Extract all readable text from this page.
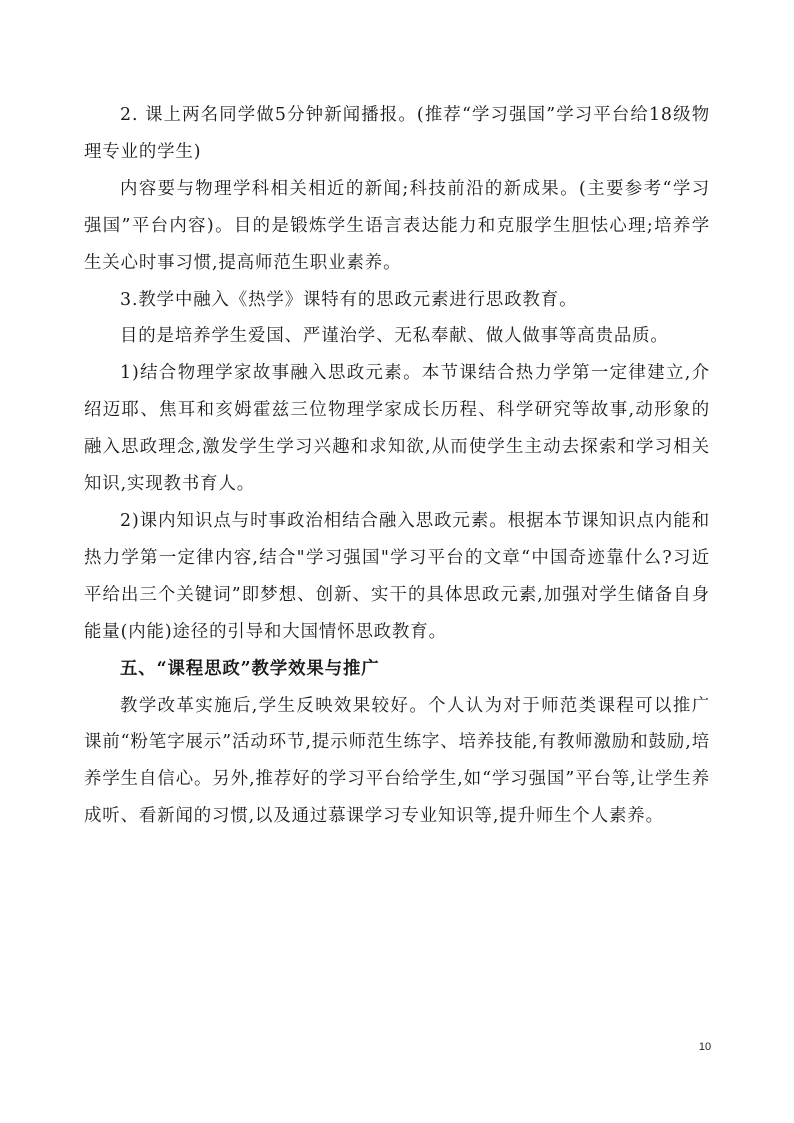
2. 课上两名同学做5分钟新闻播报。(推荐“学习强国”学习平台给18级物理专业的学生)

内容要与物理学科相关相近的新闻;科技前沿的新成果。(主要参考“学习强国”平台内容)。目的是锻炼学生语言表达能力和克服学生胆怯心理;培养学生关心时事习惯,提高师范生职业素养。

3.教学中融入《热学》课特有的思政元素进行思政教育。

目的是培养学生爱国、严谨治学、无私奉献、做人做事等高贵品质。

1)结合物理学家故事融入思政元素。本节课结合热力学第一定律建立,介绍迈耶、焦耳和亥姆霍兹三位物理学家成长历程、科学研究等故事,动形象的融入思政理念,激发学生学习兴趣和求知欲,从而使学生主动去探索和学习相关知识,实现教书育人。

2)课内知识点与时事政治相结合融入思政元素。根据本节课知识点内能和热力学第一定律内容,结合"学习强国"学习平台的文章“中国奇迹靠什么?习近平给出三个关键词”即梦想、创新、实干的具体思政元素,加强对学生储备自身能量(内能)途径的引导和大国情怀思政教育。

五、“课程思政”教学效果与推广

教学改革实施后,学生反映效果较好。个人认为对于师范类课程可以推广课前“粉笔字展示”活动环节,提示师范生练字、培养技能,有教师激励和鼓励,培养学生自信心。另外,推荐好的学习平台给学生,如“学习强国”平台等,让学生养成听、看新闻的习惯,以及通过慕课学习专业知识等,提升师生个人素养。

10
